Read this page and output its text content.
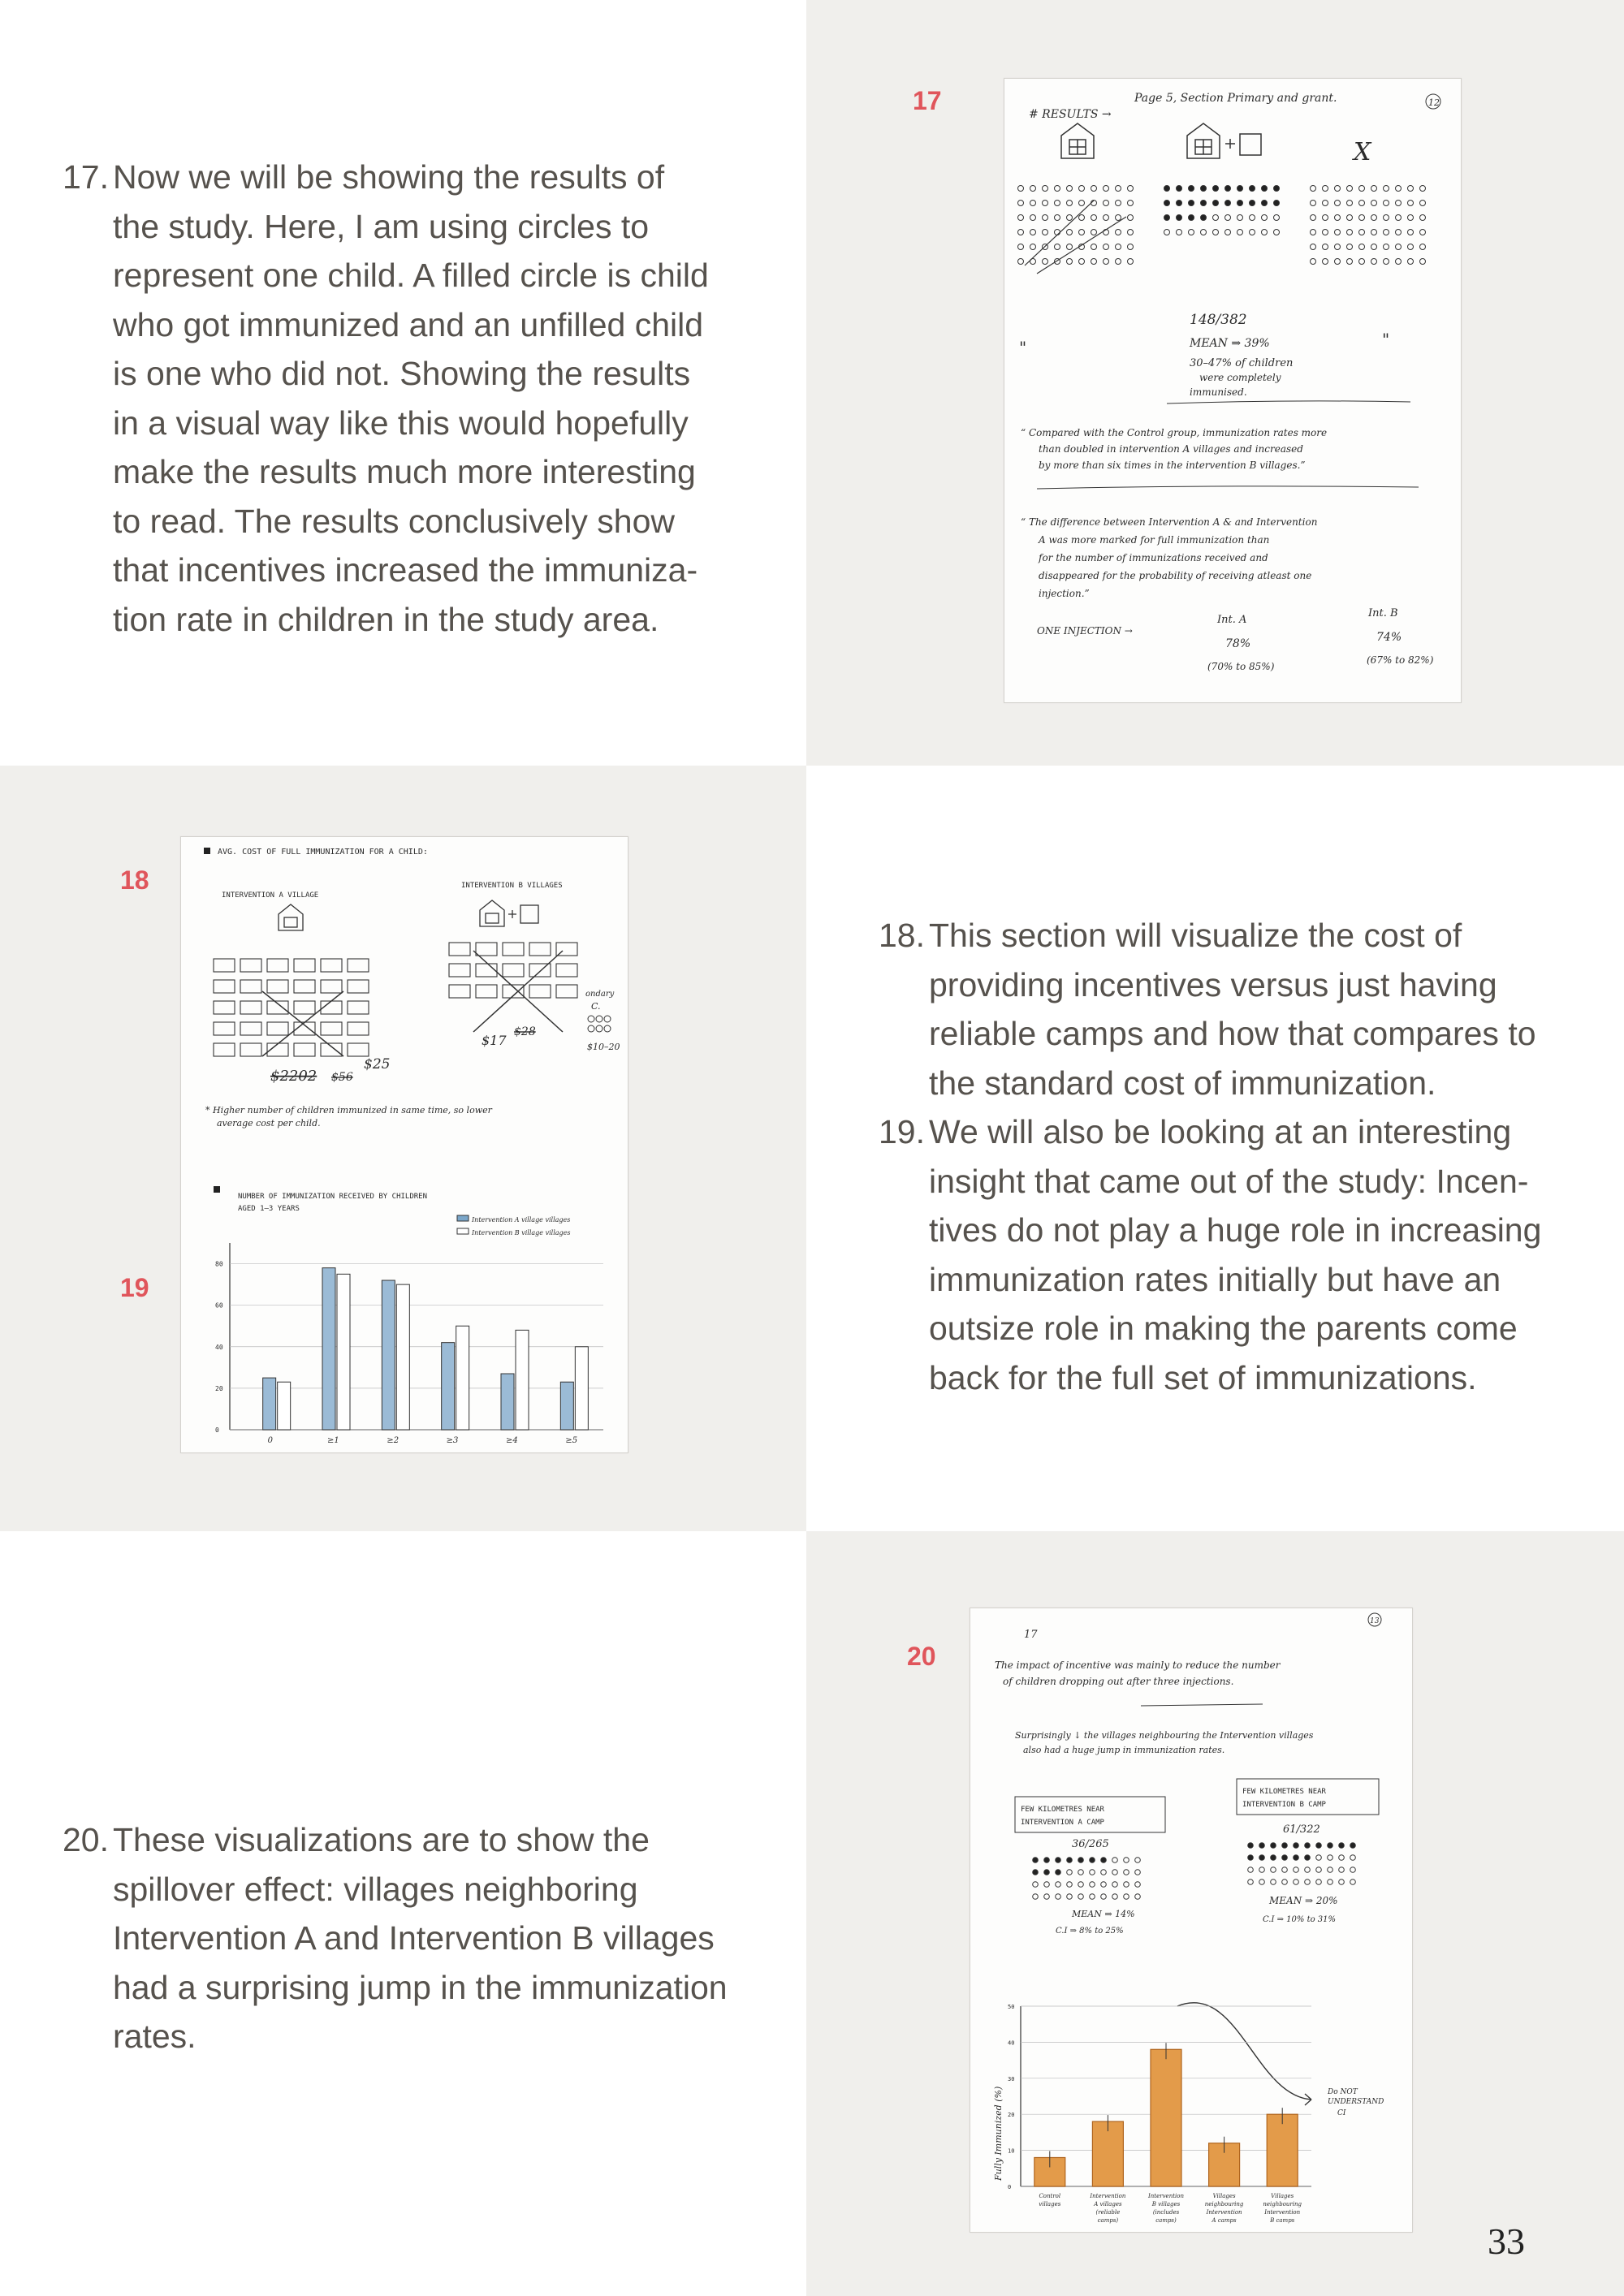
17. Now we will be showing the results of
the study. Here, I am using circles to
represent one child. A filled circle is child
who got immunized and an unfilled child
is one who did not. Showing the results
in a visual way like this would hopefully
make the results much more interesting
to read. The results conclusively show
that incentives increased the immuniza-
tion rate in children in the study area.
18. This section will visualize the cost of
providing incentives versus just having
reliable camps and how that compares to
the standard cost of immunization.
19. We will also be looking at an interesting
insight that came out of the study: Incen-
tives do not play a huge role in increasing
immunization rates initially but have an
outsize role in making the parents come
back for the full set of immunizations.
20. These visualizations are to show the
spillover effect: villages neighboring
Intervention A and Intervention B villages
had a surprising jump in the immunization
rates.
17
18
19
20
# RESULTS →
Page 5, Section Primary and grant.	12
X
"	"
148/382
MEAN ⇒ 39%
30–47% of children
were completely
immunised.
“ Compared with the Control group, immunization rates more
than doubled in intervention A villages and increased
by more than six times in the intervention B villages.”
“ The difference between Intervention A & and Intervention
A was more marked for full immunization than
for the number of immunizations received and
disappeared for the probability of receiving atleast one
injection.”
ONE INJECTION →
Int. A
Int. B
78%	74%
(70% to 85%)
(67% to 82%)
AVG. COST OF FULL IMMUNIZATION FOR A CHILD:
INTERVENTION A VILLAGE
INTERVENTION B VILLAGES
ondary
C.
$10–20
$2202 $56
$25
$17
$28
* Higher number of children immunized in same time, so lower
average cost per child.
NUMBER OF IMMUNIZATION RECEIVED BY CHILDREN
AGED 1–3 YEARS
Intervention A village villages
Intervention B village villages
80
60
40
20
0
0	≥1	≥2	≥3	≥4	≥5
13
17
The impact of incentive was mainly to reduce the number
of children dropping out after three injections.
Surprisingly ↓ the villages neighbouring the Intervention villages
also had a huge jump in immunization rates.
FEW KILOMETRES NEAR
INTERVENTION A CAMP
FEW KILOMETRES NEAR
INTERVENTION B CAMP
36/265
61/322
MEAN ⇒ 14%
C.I ⇒ 8% to 25%
MEAN ⇒ 20%
C.I ⇒ 10% to 31%
Fully Immunized (%)	Do NOT
UNDERSTAND
CI
50
40
30
20
10
0
Control
villages
Intervention
A villages
(reliable
camps)
Intervention
B villages
(includes
camps)
Villages
neighbouring
Intervention
A camps
Villages
neighbouring
Intervention
B camps	33
